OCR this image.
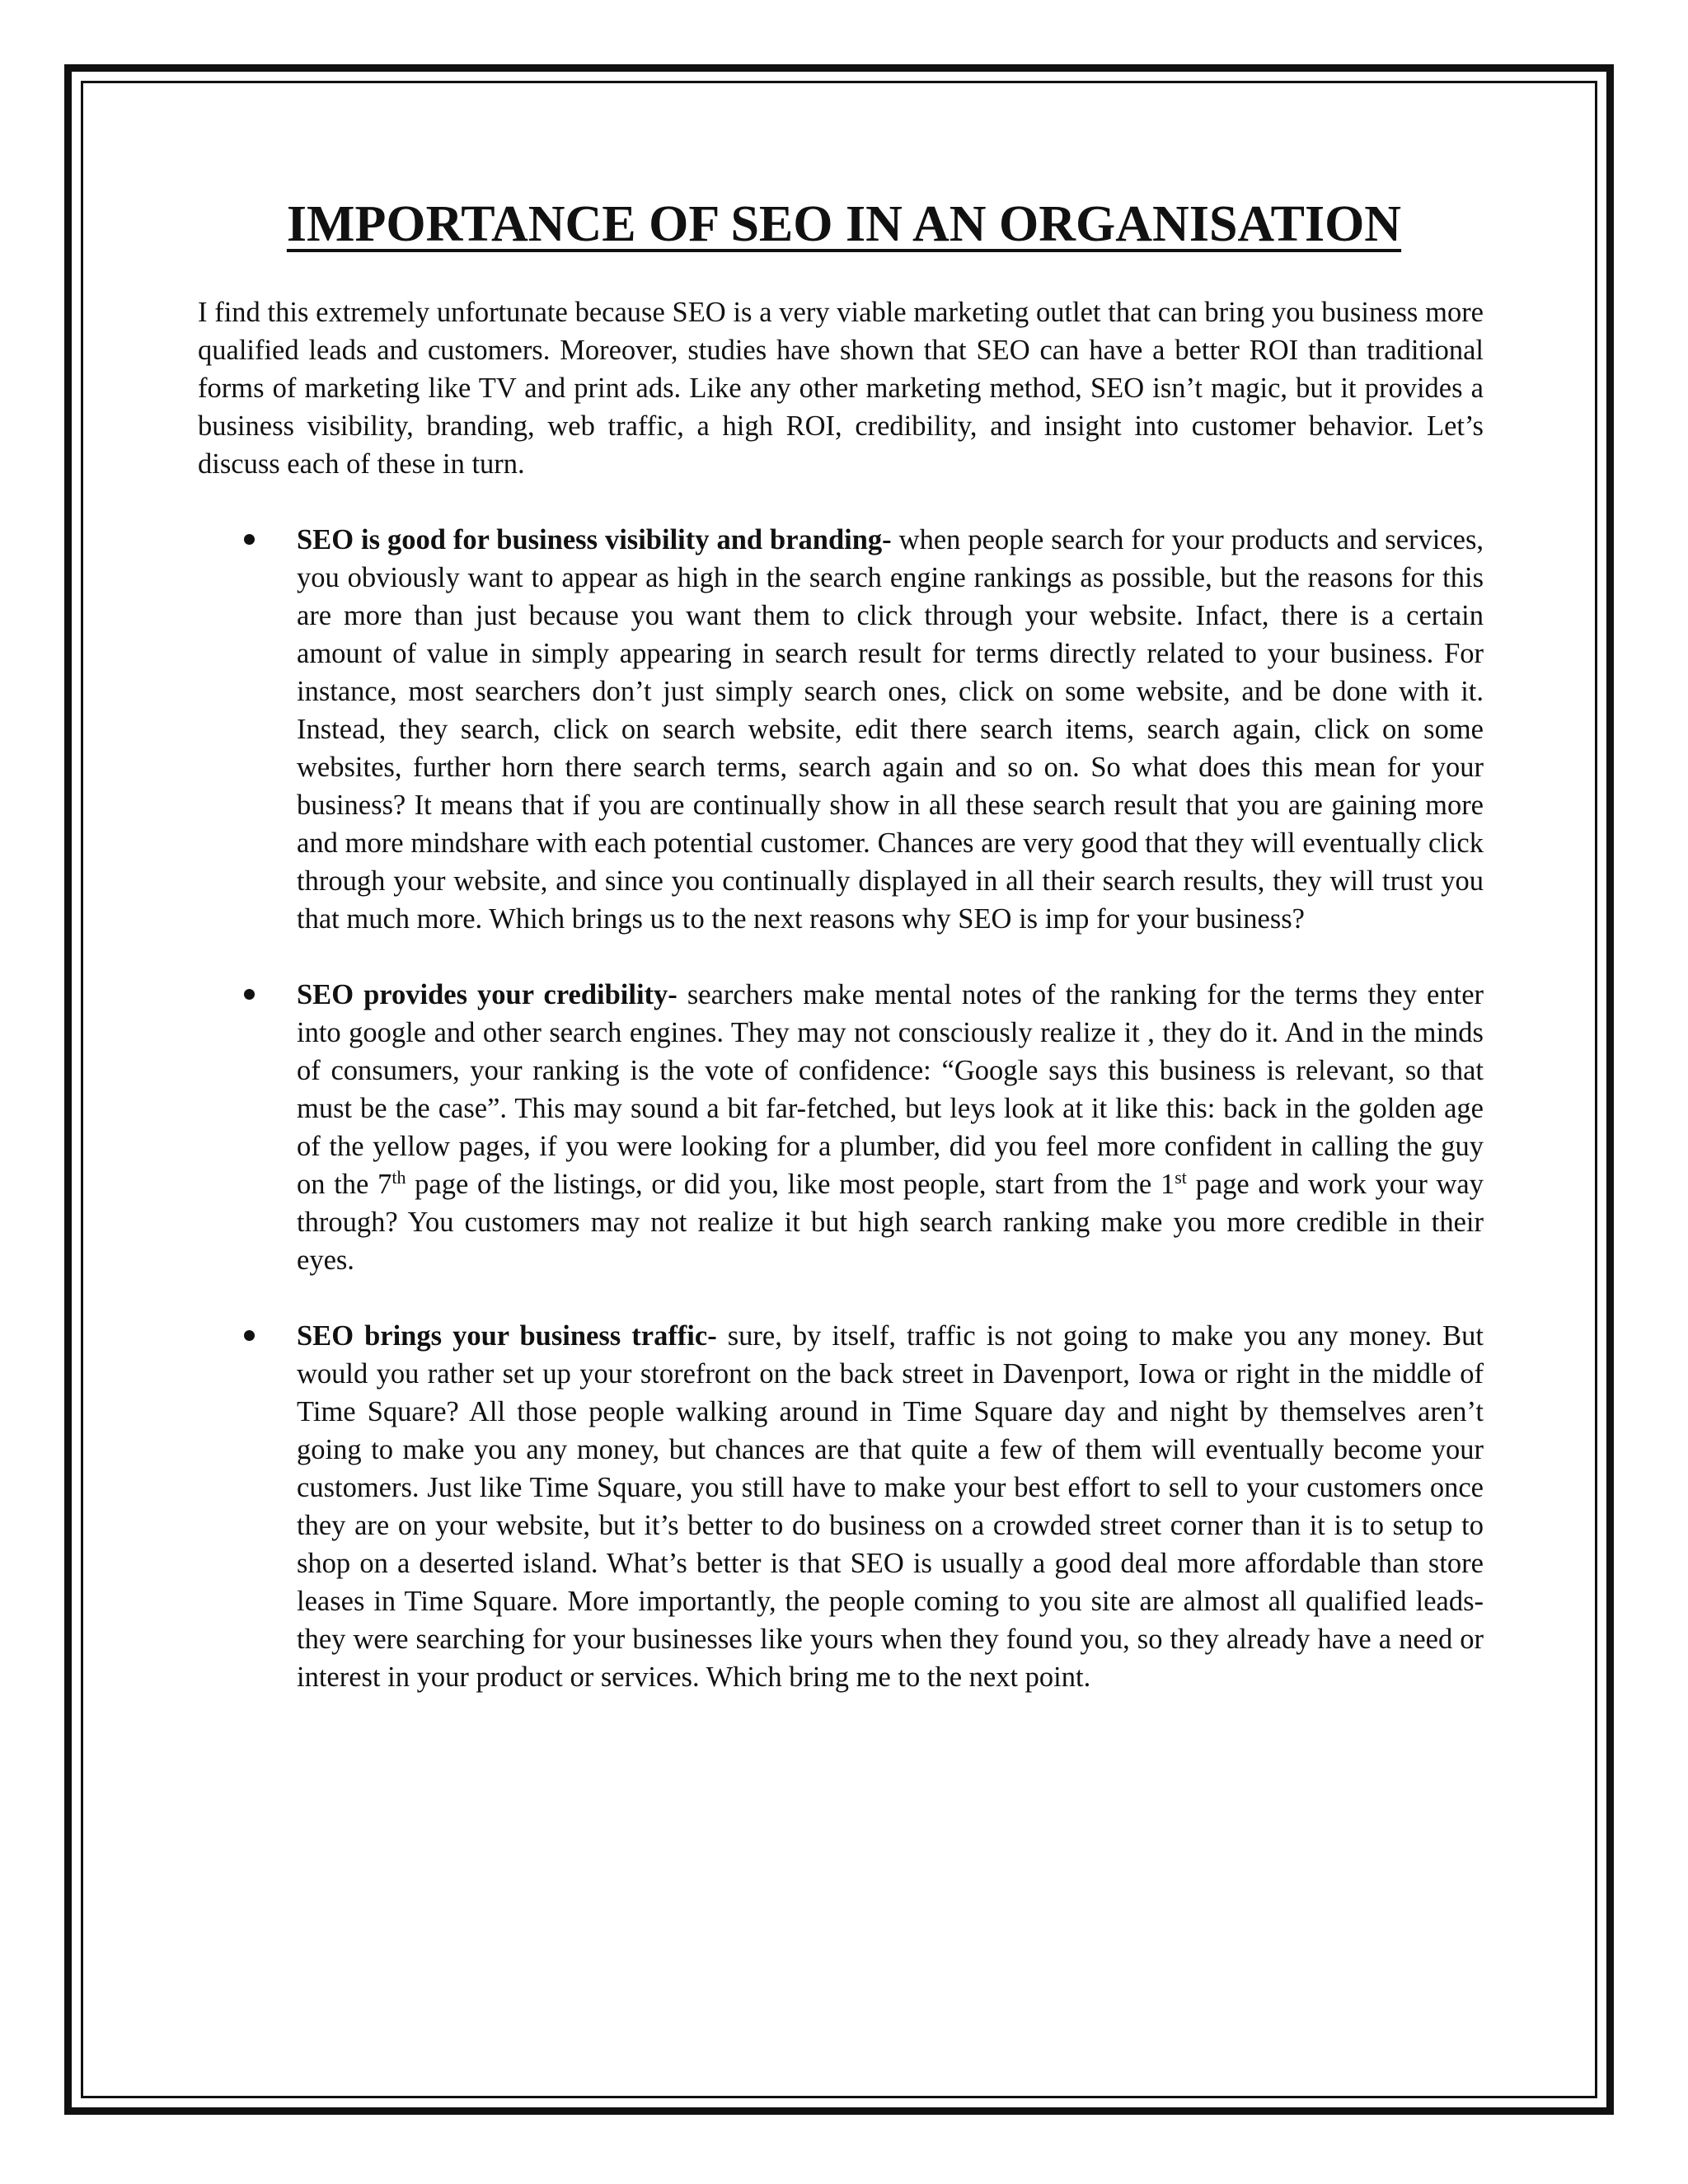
IMPORTANCE OF SEO IN AN ORGANISATION

I find this extremely unfortunate because SEO is a very viable marketing outlet that can bring you business more qualified leads and customers. Moreover, studies have shown that SEO can have a better ROI than traditional forms of marketing like TV and print ads. Like any other marketing method, SEO isn’t magic, but it provides a business visibility, branding, web traffic, a high ROI, credibility, and insight into customer behavior. Let’s discuss each of these in turn.

SEO is good for business visibility and branding- when people search for your products and services, you obviously want to appear as high in the search engine rankings as possible, but the reasons for this are more than just because you want them to click through your website. Infact, there is a certain amount of value in simply appearing in search result for terms directly related to your business. For instance, most searchers don’t just simply search ones, click on some website, and be done with it. Instead, they search, click on search website, edit there search items, search again, click on some websites, further horn there search terms, search again and so on. So what does this mean for your business? It means that if you are continually show in all these search result that you are gaining more and more mindshare with each potential customer. Chances are very good that they will eventually click through your website, and since you continually displayed in all their search results, they will trust you that much more. Which brings us to the next reasons why SEO is imp for your business?
SEO provides your credibility- searchers make mental notes of the ranking for the terms they enter into google and other search engines. They may not consciously realize it , they do it. And in the minds of consumers, your ranking is the vote of confidence: “Google says this business is relevant, so that must be the case”. This may sound a bit far-fetched, but leys look at it like this: back in the golden age of the yellow pages, if you were looking for a plumber, did you feel more confident in calling the guy on the 7th page of the listings, or did you, like most people, start from the 1st page and work your way through? You customers may not realize it but high search ranking make you more credible in their eyes.
SEO brings your business traffic- sure, by itself, traffic is not going to make you any money. But would you rather set up your storefront on the back street in Davenport, Iowa or right in the middle of Time Square? All those people walking around in Time Square day and night by themselves aren’t going to make you any money, but chances are that quite a few of them will eventually become your customers. Just like Time Square, you still have to make your best effort to sell to your customers once they are on your website, but it’s better to do business on a crowded street corner than it is to setup to shop on a deserted island. What’s better is that SEO is usually a good deal more affordable than store leases in Time Square. More importantly, the people coming to you site are almost all qualified leads- they were searching for your businesses like yours when they found you, so they already have a need or interest in your product or services. Which bring me to the next point.
